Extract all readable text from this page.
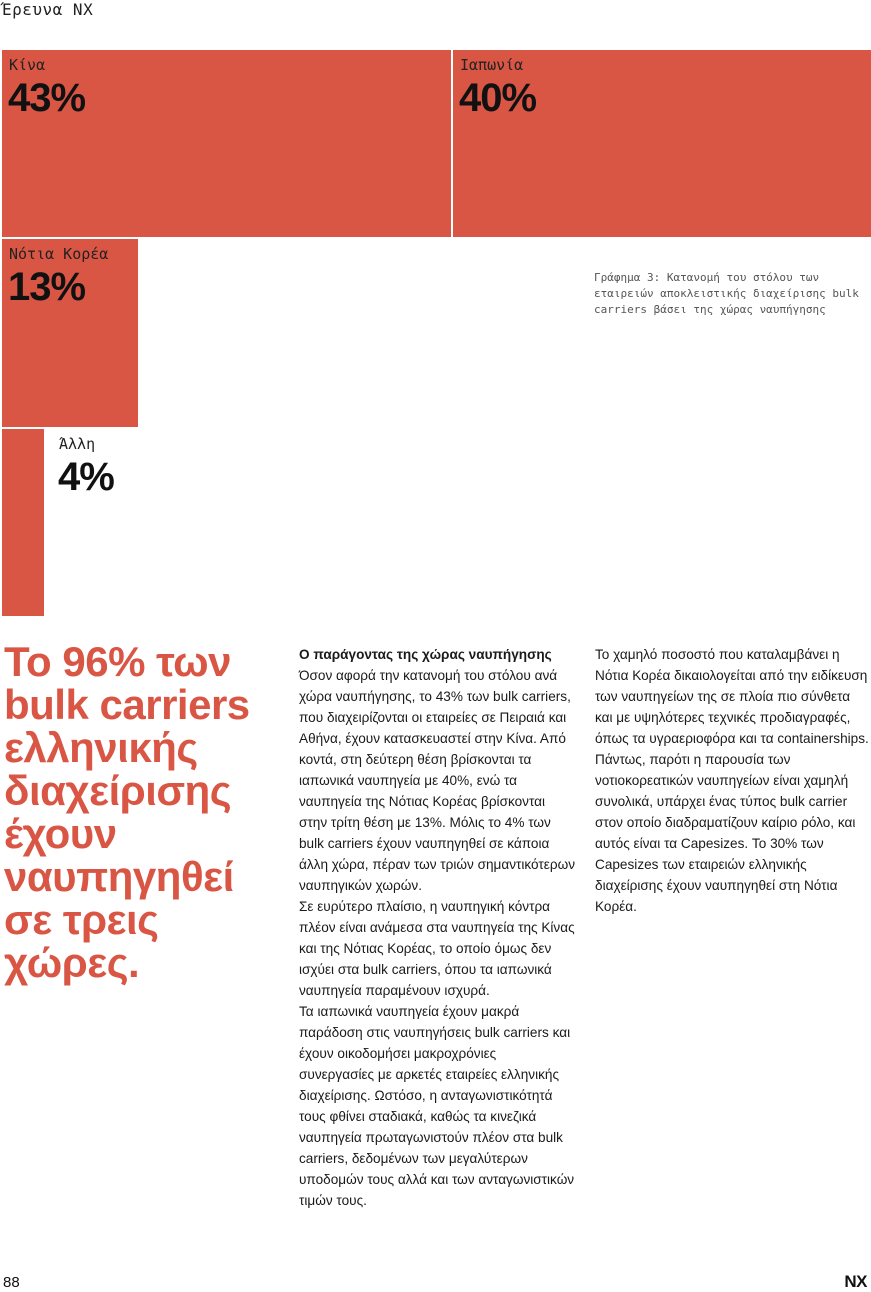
Έρευνα ΝΧ
Κίνα
43%
Ιαπωνία
40%
Νότια Κορέα
13%
Άλλη
4%
Γράφημα 3: Κατανομή του στόλου των εταιρειών αποκλειστικής διαχείρισης bulk carriers βάσει της χώρας ναυπήγησης
Το 96% των bulk carriers ελληνικής διαχείρισης έχουν ναυπηγηθεί σε τρεις χώρες.

Ο παράγοντας της χώρας ναυπήγησης

Όσον αφορά την κατανομή του στόλου ανά χώρα ναυπήγησης, το 43% των bulk carriers, που διαχειρίζονται οι εταιρείες σε Πειραιά και Αθήνα, έχουν κατασκευαστεί στην Κίνα. Από κοντά, στη δεύτερη θέση βρίσκονται τα ιαπωνικά ναυπηγεία με 40%, ενώ τα ναυπηγεία της Νότιας Κορέας βρίσκονται στην τρίτη θέση με 13%. Μόλις το 4% των bulk carriers έχουν ναυπηγηθεί σε κάποια άλλη χώρα, πέραν των τριών σημαντικότερων ναυπηγικών χωρών.

Σε ευρύτερο πλαίσιο, η ναυπηγική κόντρα πλέον είναι ανάμεσα στα ναυπηγεία της Κίνας και της Νότιας Κορέας, το οποίο όμως δεν ισχύει στα bulk carriers, όπου τα ιαπωνικά ναυπηγεία παραμένουν ισχυρά.

Τα ιαπωνικά ναυπηγεία έχουν μακρά παράδοση στις ναυπηγήσεις bulk carriers και έχουν οικοδομήσει μακροχρόνιες συνεργασίες με αρκετές εταιρείες ελληνικής διαχείρισης. Ωστόσο, η ανταγωνιστικότητά τους φθίνει σταδιακά, καθώς τα κινεζικά ναυπηγεία πρωταγωνιστούν πλέον στα bulk carriers, δεδομένων των μεγαλύτερων υποδομών τους αλλά και των ανταγωνιστικών τιμών τους.

Το χαμηλό ποσοστό που καταλαμβάνει η Νότια Κορέα δικαιολογείται από την ειδίκευση των ναυπηγείων της σε πλοία πιο σύνθετα και με υψηλότερες τεχνικές προδιαγραφές, όπως τα υγραεριοφόρα και τα containerships. Πάντως, παρότι η παρουσία των νοτιοκορεατικών ναυπηγείων είναι χαμηλή συνολικά, υπάρχει ένας τύπος bulk carrier στον οποίο διαδραματίζουν καίριο ρόλο, και αυτός είναι τα Capesizes. Το 30% των Capesizes των εταιρειών ελληνικής διαχείρισης έχουν ναυπηγηθεί στη Νότια Κορέα.

88	NX
